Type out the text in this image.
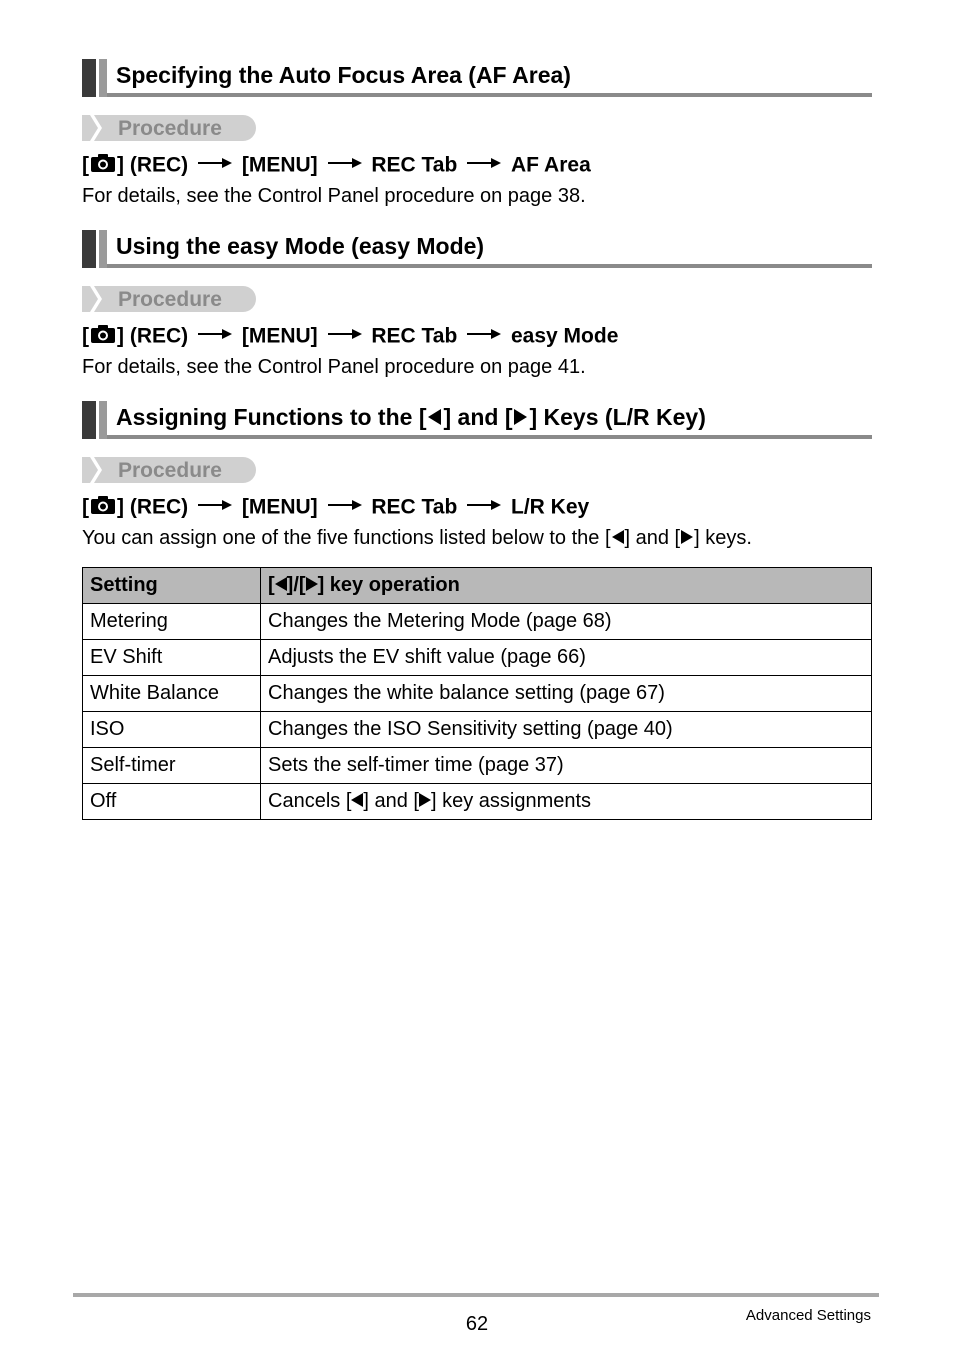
Specifying the Auto Focus Area (AF Area)
Procedure
[ ] (REC)	[MENU]	REC Tab	AF Area
For details, see the Control Panel procedure on page 38.
Using the easy Mode (easy Mode)
Procedure
[ ] (REC)	[MENU]	REC Tab	easy Mode
For details, see the Control Panel procedure on page 41.
Assigning Functions to the [ ] and [ ] Keys (L/R Key)
Procedure
[ ] (REC)	[MENU]	REC Tab	L/R Key
You can assign one of the five functions listed below to the [ ] and [ ] keys.
Setting	[ ]/[ ] key operation
Metering	Changes the Metering Mode (page 68)
EV Shift	Adjusts the EV shift value (page 66)
White Balance	Changes the white balance setting (page 67)
ISO	Changes the ISO Sensitivity setting (page 40)
Self-timer	Sets the self-timer time (page 37)
Off	Cancels [ ] and [ ] key assignments
62	Advanced Settings
